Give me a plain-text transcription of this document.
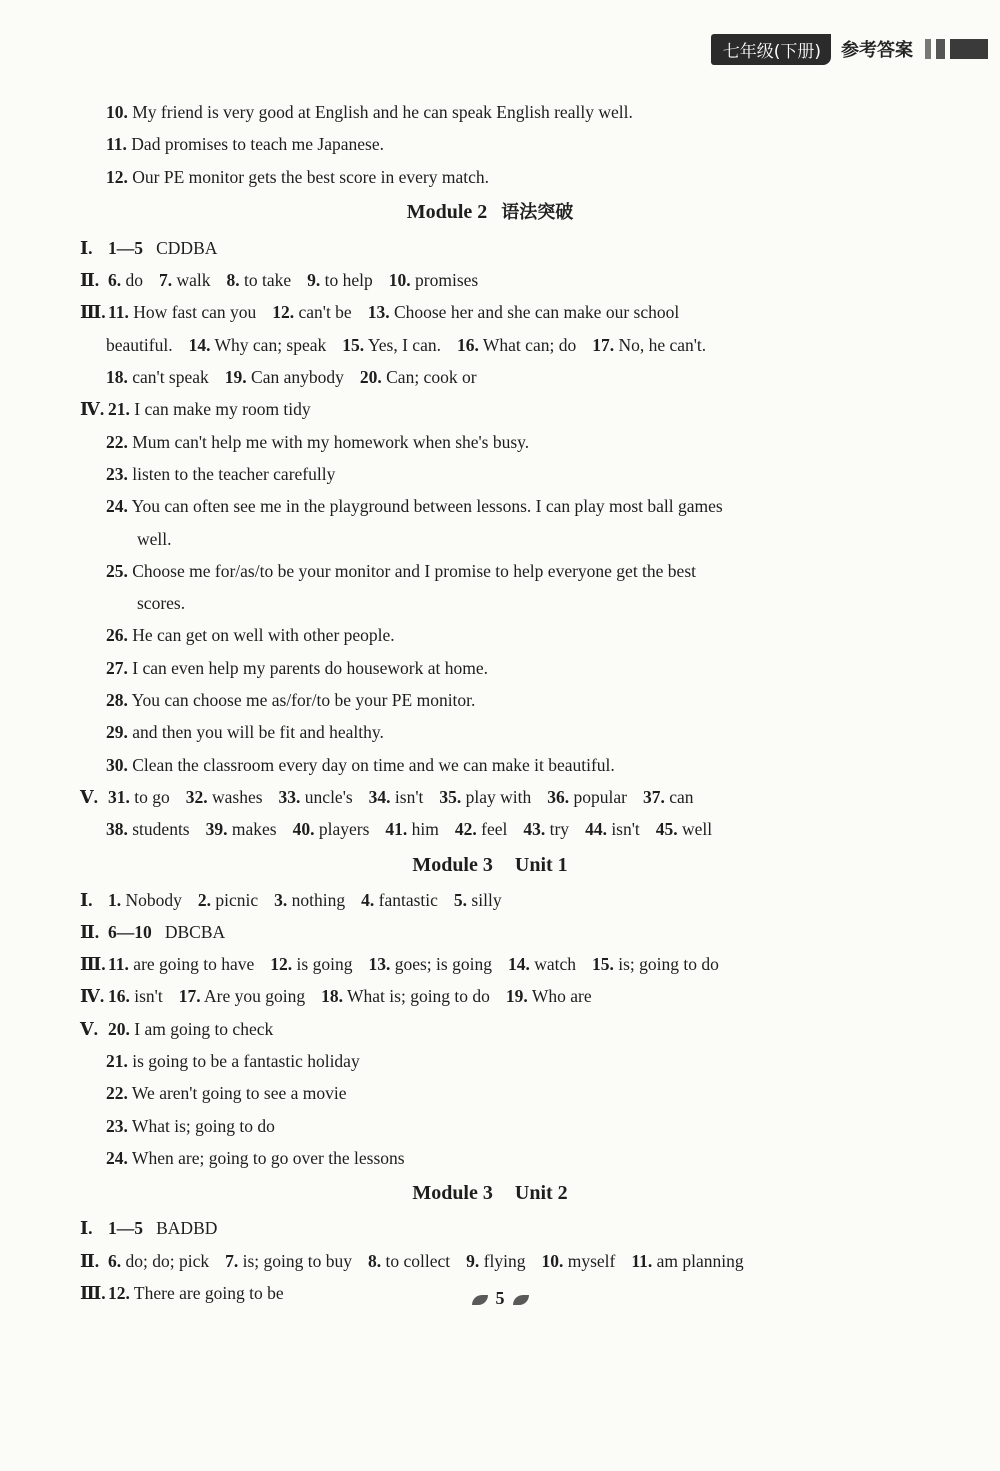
七年级(下册)	参考答案
10. My friend is very good at English and he can speak English really well.
11. Dad promises to teach me Japanese.
12. Our PE monitor gets the best score in every match.
Module 2 语法突破
Ⅰ. 1—5 CDDBA
Ⅱ. 6. do 7. walk 8. to take 9. to help 10. promises
Ⅲ. 11. How fast can you 12. can't be 13. Choose her and she can make our school
beautiful. 14. Why can; speak 15. Yes, I can. 16. What can; do 17. No, he can't.
18. can't speak 19. Can anybody 20. Can; cook or
Ⅳ. 21. I can make my room tidy
22. Mum can't help me with my homework when she's busy.
23. listen to the teacher carefully
24. You can often see me in the playground between lessons. I can play most ball games
well.
25. Choose me for/as/to be your monitor and I promise to help everyone get the best
scores.
26. He can get on well with other people.
27. I can even help my parents do housework at home.
28. You can choose me as/for/to be your PE monitor.
29. and then you will be fit and healthy.
30. Clean the classroom every day on time and we can make it beautiful.
Ⅴ. 31. to go 32. washes 33. uncle's 34. isn't 35. play with 36. popular 37. can
38. students 39. makes 40. players 41. him 42. feel 43. try 44. isn't 45. well
Module 3 Unit 1
Ⅰ. 1. Nobody 2. picnic 3. nothing 4. fantastic 5. silly
Ⅱ. 6—10 DBCBA
Ⅲ. 11. are going to have 12. is going 13. goes; is going 14. watch 15. is; going to do
Ⅳ. 16. isn't 17. Are you going 18. What is; going to do 19. Who are
Ⅴ. 20. I am going to check
21. is going to be a fantastic holiday
22. We aren't going to see a movie
23. What is; going to do
24. When are; going to go over the lessons
Module 3 Unit 2
Ⅰ. 1—5 BADBD
Ⅱ. 6. do; do; pick 7. is; going to buy 8. to collect 9. flying 10. myself 11. am planning
Ⅲ. 12. There are going to be	5
